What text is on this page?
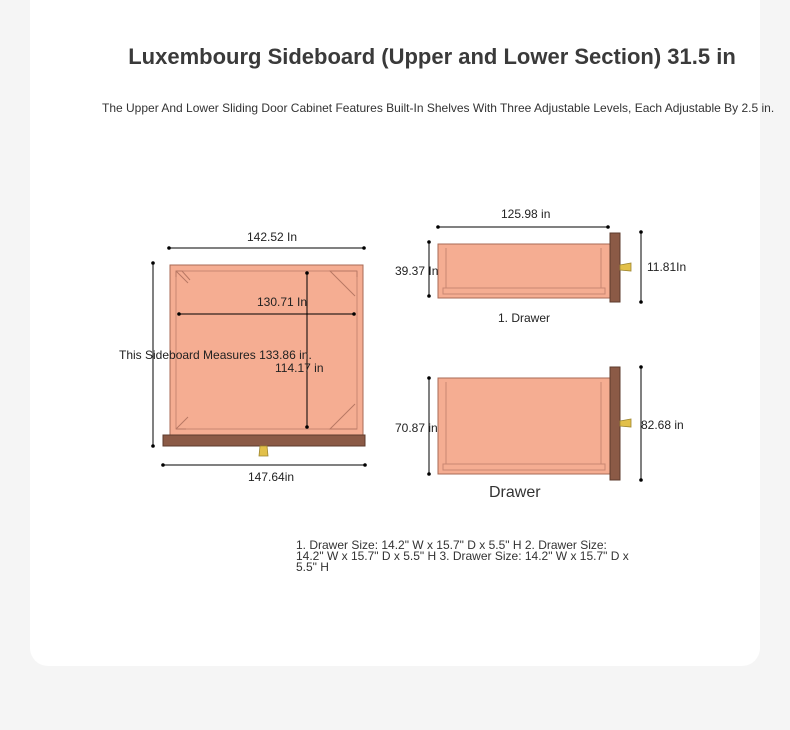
Luxembourg Sideboard (Upper and Lower Section) 31.5 in
The Upper And Lower Sliding Door Cabinet Features Built-In Shelves With Three Adjustable Levels, Each Adjustable By 2.5 in.
142.52 In
130.71 In
This Sideboard Measures 133.86 in.
114.17 in
147.64in
125.98 in
39.37 In	11.81In
1. Drawer
70.87 in	82.68 in
Drawer
1. Drawer Size: 14.2" W x 15.7" D x 5.5" H 2. Drawer Size: 14.2" W x 15.7" D x 5.5" H 3. Drawer Size: 14.2" W x 15.7" D x 5.5" H
